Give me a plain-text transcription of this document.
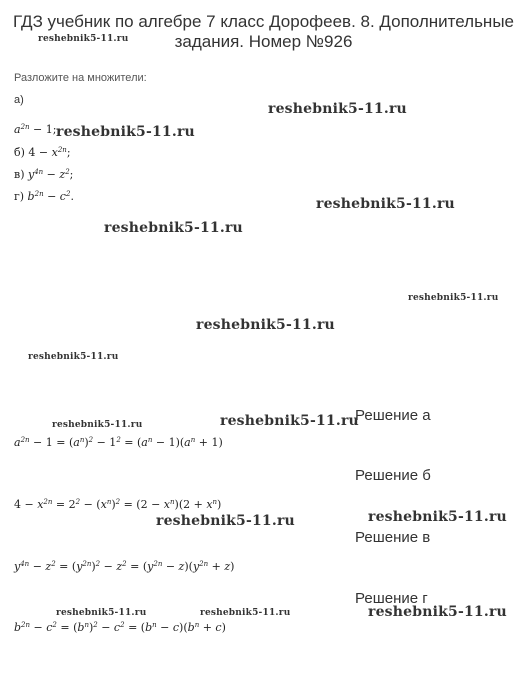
ГДЗ учебник по алгебре 7 класс Дорофеев. 8. Дополнительные
задания. Номер №926
Разложите на множители:
а)
$a^{2n} - 1$;
б) $4 - x^{2n}$;
в) $y^{4n} - z^2$;
г) $b^{2n} - c^2$.
Решение а
$a^{2n} - 1 = (a^n)^2 - 1^2 = (a^n - 1)(a^n + 1)$
Решение б
$4 - x^{2n} = 2^2 - (x^n)^2 = (2 - x^n)(2 + x^n)$
Решение в
$y^{4n} - z^2 = (y^{2n})^2 - z^2 = (y^{2n} - z)(y^{2n} + z)$
Решение г
$b^{2n} - c^2 = (b^n)^2 - c^2 = (b^n - c)(b^n + c)$
reshebnik5-11.ru
reshebnik5-11.ru
reshebnik5-11.ru
reshebnik5-11.ru
reshebnik5-11.ru
reshebnik5-11.ru
reshebnik5-11.ru
reshebnik5-11.ru
reshebnik5-11.ru	reshebnik5-11.ru
reshebnik5-11.ru	reshebnik5-11.ru
reshebnik5-11.ru	reshebnik5-11.ru	reshebnik5-11.ru
